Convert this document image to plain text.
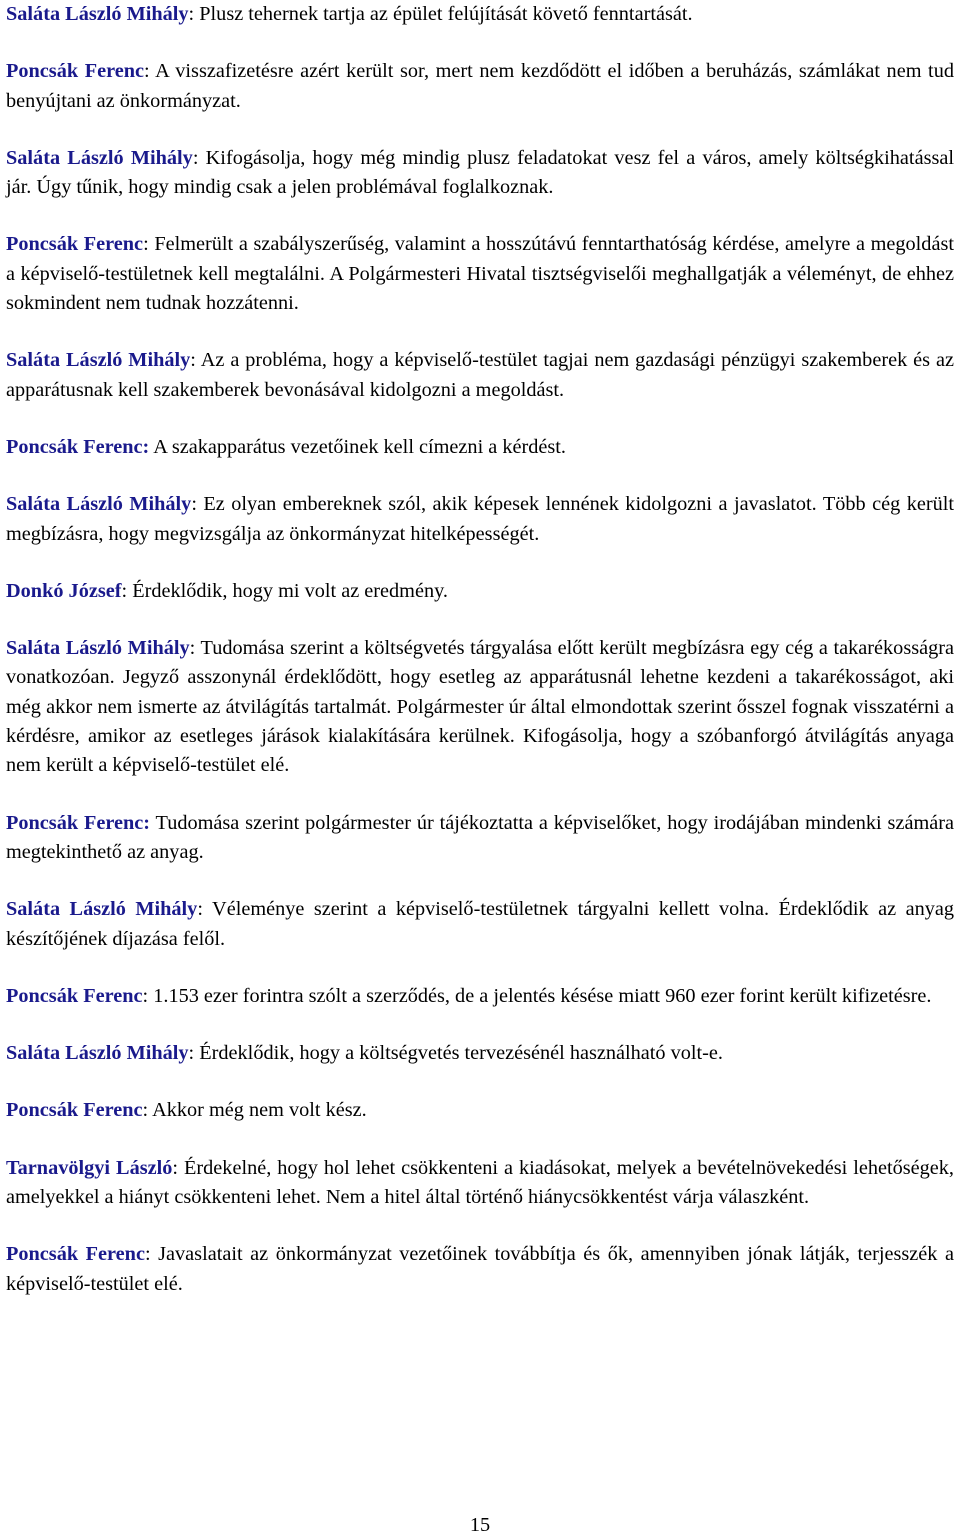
Saláta László Mihály: Plusz tehernek tartja az épület felújítását követő fenntartását.

Poncsák Ferenc: A visszafizetésre azért került sor, mert nem kezdődött el időben a beruházás, számlákat nem tud benyújtani az önkormányzat.

Saláta László Mihály: Kifogásolja, hogy még mindig plusz feladatokat vesz fel a város, amely költségkihatással jár. Úgy tűnik, hogy mindig csak a jelen problémával foglalkoznak.

Poncsák Ferenc: Felmerült a szabályszerűség, valamint a hosszútávú fenntarthatóság kérdése, amelyre a megoldást a képviselő-testületnek kell megtalálni. A Polgármesteri Hivatal tisztségviselői meghallgatják a véleményt, de ehhez sokmindent nem tudnak hozzátenni.

Saláta László Mihály: Az a probléma, hogy a képviselő-testület tagjai nem gazdasági pénzügyi szakemberek és az apparátusnak kell szakemberek bevonásával kidolgozni a megoldást.

Poncsák Ferenc: A szakapparátus vezetőinek kell címezni a kérdést.

Saláta László Mihály: Ez olyan embereknek szól, akik képesek lennének kidolgozni a javaslatot. Több cég került megbízásra, hogy megvizsgálja az önkormányzat hitelképességét.

Donkó József: Érdeklődik, hogy mi volt az eredmény.

Saláta László Mihály: Tudomása szerint a költségvetés tárgyalása előtt került megbízásra egy cég a takarékosságra vonatkozóan. Jegyző asszonynál érdeklődött, hogy esetleg az apparátusnál lehetne kezdeni a takarékosságot, aki még akkor nem ismerte az átvilágítás tartalmát. Polgármester úr által elmondottak szerint ősszel fognak visszatérni a kérdésre, amikor az esetleges járások kialakítására kerülnek. Kifogásolja, hogy a szóbanforgó átvilágítás anyaga nem került a képviselő-testület elé.

Poncsák Ferenc: Tudomása szerint polgármester úr tájékoztatta a képviselőket, hogy irodájában mindenki számára megtekinthető az anyag.

Saláta László Mihály: Véleménye szerint a képviselő-testületnek tárgyalni kellett volna. Érdeklődik az anyag készítőjének díjazása felől.

Poncsák Ferenc: 1.153 ezer forintra szólt a szerződés, de a jelentés késése miatt 960 ezer forint került kifizetésre.

Saláta László Mihály: Érdeklődik, hogy a költségvetés tervezésénél használható volt-e.

Poncsák Ferenc: Akkor még nem volt kész.

Tarnavölgyi László: Érdekelné, hogy hol lehet csökkenteni a kiadásokat, melyek a bevételnövekedési lehetőségek, amelyekkel a hiányt csökkenteni lehet. Nem a hitel által történő hiánycsökkentést várja válaszként.

Poncsák Ferenc: Javaslatait az önkormányzat vezetőinek továbbítja és ők, amennyiben jónak látják, terjesszék a képviselő-testület elé.

15
